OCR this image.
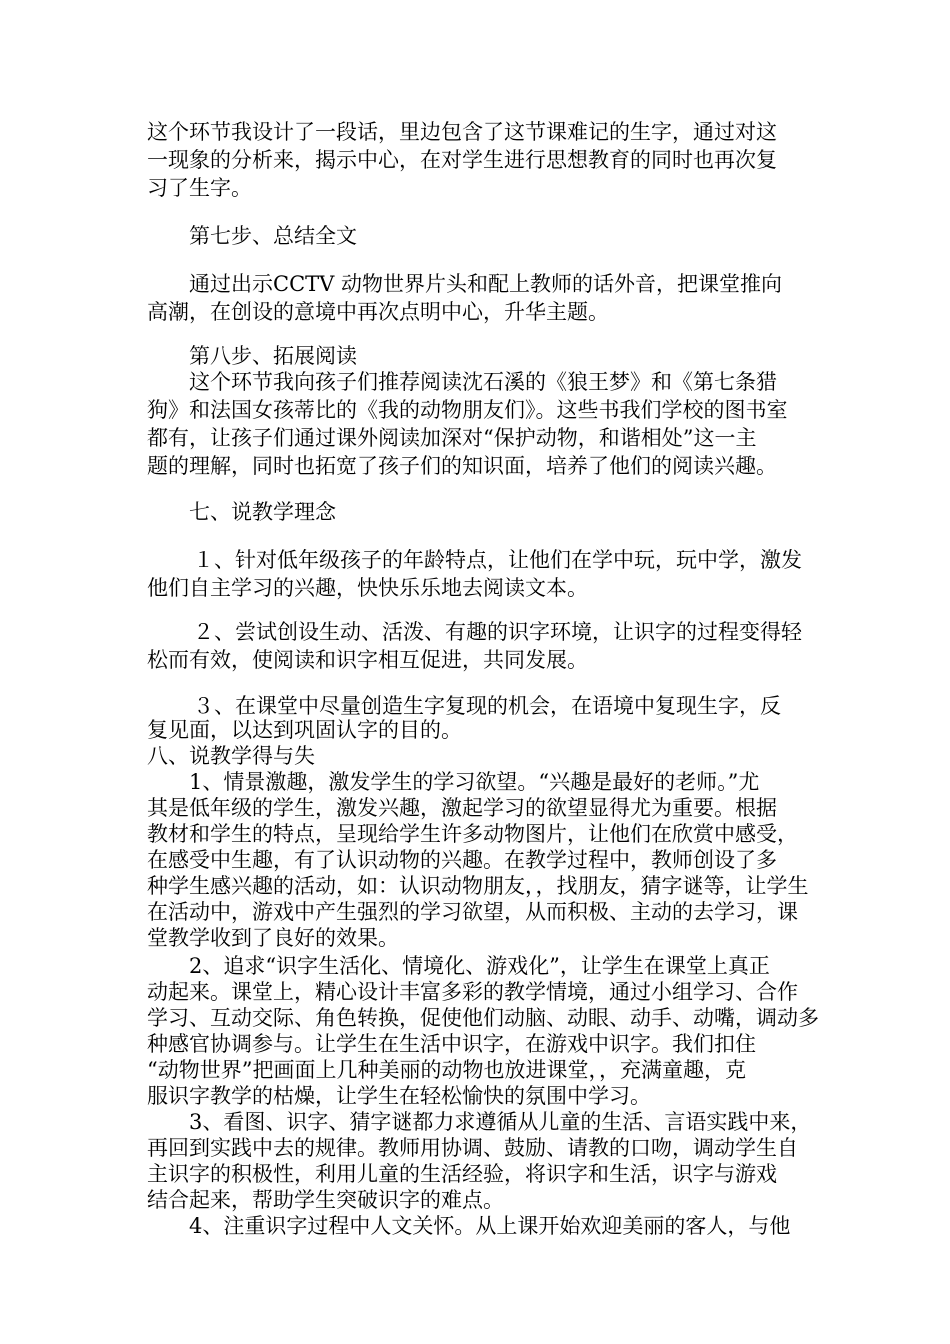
这个环节我设计了一段话，里边包含了这节课难记的生字，通过对这

一现象的分析来，揭示中心，在对学生进行思想教育的同时也再次复

习了生字。

第七步、总结全文

通过出示CCTV 动物世界片头和配上教师的话外音，把课堂推向

高潮，在创设的意境中再次点明中心，升华主题。

第八步、拓展阅读

这个环节我向孩子们推荐阅读沈石溪的《狼王梦》和《第七条猎

狗》和法国女孩蒂比的《我的动物朋友们》。这些书我们学校的图书室

都有，让孩子们通过课外阅读加深对“保护动物，和谐相处”这一主

题的理解，同时也拓宽了孩子们的知识面，培养了他们的阅读兴趣。

七、说教学理念

１、针对低年级孩子的年龄特点，让他们在学中玩，玩中学，激发

他们自主学习的兴趣，快快乐乐地去阅读文本。

２、尝试创设生动、活泼、有趣的识字环境，让识字的过程变得轻

松而有效，使阅读和识字相互促进，共同发展。

３、在课堂中尽量创造生字复现的机会，在语境中复现生字，反

复见面，以达到巩固认字的目的。

八、说教学得与失

1、情景激趣，激发学生的学习欲望。“兴趣是最好的老师。”尤

其是低年级的学生，激发兴趣，激起学习的欲望显得尤为重要。根据

教材和学生的特点，呈现给学生许多动物图片，让他们在欣赏中感受，

在感受中生趣，有了认识动物的兴趣。在教学过程中，教师创设了多

种学生感兴趣的活动，如：认识动物朋友，，找朋友，猜字谜等，让学生

在活动中，游戏中产生强烈的学习欲望，从而积极、主动的去学习，课

堂教学收到了良好的效果。

2、追求“识字生活化、情境化、游戏化”，让学生在课堂上真正

动起来。课堂上，精心设计丰富多彩的教学情境，通过小组学习、合作

学习、互动交际、角色转换，促使他们动脑、动眼、动手、动嘴，调动多

种感官协调参与。让学生在生活中识字，在游戏中识字。我们扣住

“动物世界”把画面上几种美丽的动物也放进课堂，，充满童趣，克

服识字教学的枯燥，让学生在轻松愉快的氛围中学习。

3、看图、识字、猜字谜都力求遵循从儿童的生活、言语实践中来，

再回到实践中去的规律。教师用协调、鼓励、请教的口吻，调动学生自

主识字的积极性，利用儿童的生活经验，将识字和生活，识字与游戏

结合起来，帮助学生突破识字的难点。

4、注重识字过程中人文关怀。从上课开始欢迎美丽的客人，与他
